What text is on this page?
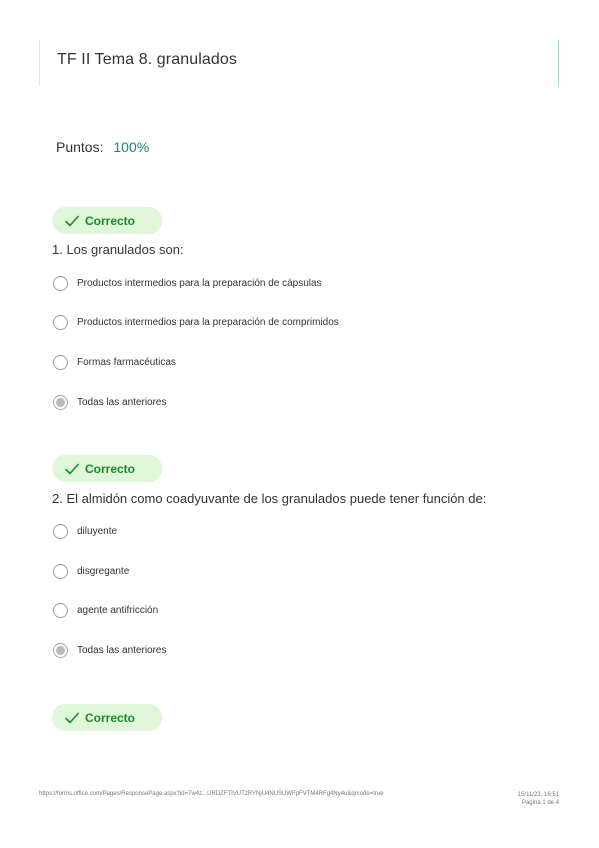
TF II Tema 8. granulados
Puntos: 100%
Correcto
1. Los granulados son:
Productos intermedios para la preparación de cápsulas
Productos intermedios para la preparación de comprimidos
Formas farmacéuticas
Todas las anteriores
Correcto
2. El almidón como coadyuvante de los granulados puede tener función de:
diluyente
disgregante
agente antifricción
Todas las anteriores
Correcto
https://forms.office.com/Pages/ResponsePage.aspx?id=7w4z...URDZFTIVUTzRYNjU4NUSUWFpFVTM4RFg4Ny4u&qrcode=true	15/11/23, 16:51
Página 1 de 4
